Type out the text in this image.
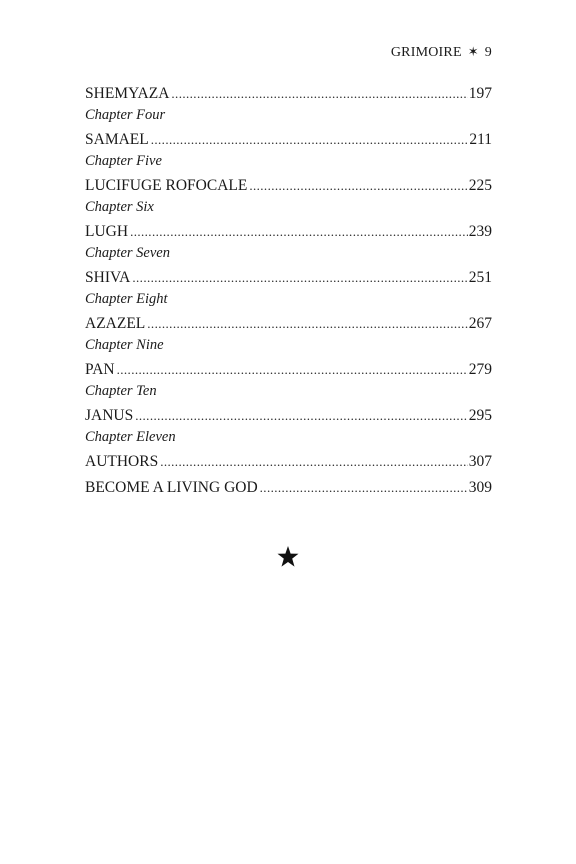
GRIMOIRE ✶ 9
SHEMYAZA .....	197
Chapter Four
SAMAEL .....	211
Chapter Five
LUCIFUGE ROFOCALE .....	225
Chapter Six
LUGH .....	239
Chapter Seven
SHIVA .....	251
Chapter Eight
AZAZEL .....	267
Chapter Nine
PAN .....	279
Chapter Ten
JANUS .....	295
Chapter Eleven
AUTHORS .....	307
BECOME A LIVING GOD .....	309
